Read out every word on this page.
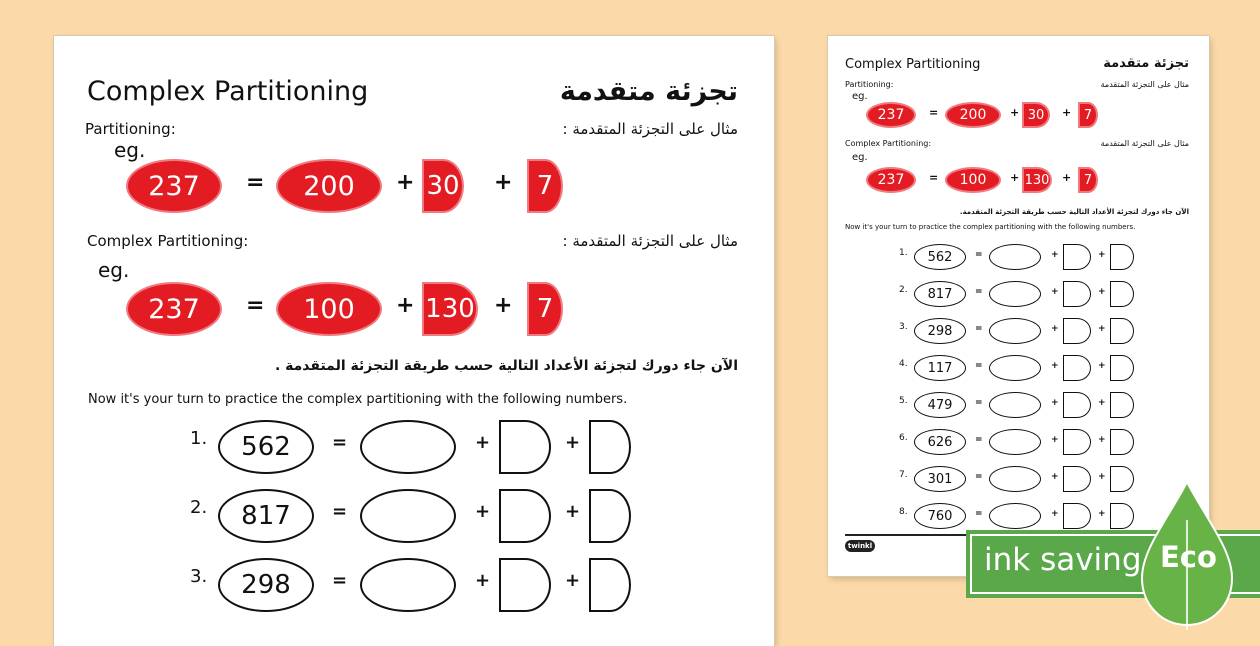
Complex Partitioning	تجزئة متقدمة
Partitioning:	مثال على التجزئة المتقدمة :
eg.
237 = 200 + 30 + 7
Complex Partitioning:	مثال على التجزئة المتقدمة :
eg.
237 = 100 + 130 + 7
الآن جاء دورك لتجزئة الأعداد التالية حسب طريقة التجزئة المتقدمة .
Now it's your turn to practice the complex partitioning with the following numbers.
1. 562 =	+	+
2. 817 =	+	+
3. 298 =	+	+
Complex Partitioning	تجزئة متقدمة
Partitioning:	مثال على التجزئة المتقدمة
eg.
237 = 200 + 30 + 7
Complex Partitioning:	مثال على التجزئة المتقدمة
eg.
237 = 100 + 130 + 7
الآن جاء دورك لتجزئة الأعداد التالية حسب طريقة التجزئة المتقدمة.
Now it's your turn to practice the complex partitioning with the following numbers.
1. 562	=	+	+
2. 817	=	+	+
3. 298	=	+	+
4. 117	=	+	+
5. 479	=	+	+
6. 626	=	+	+
7. 301	=	+	+
8. 760	=	+	+
twinkl	ink saving Eco
